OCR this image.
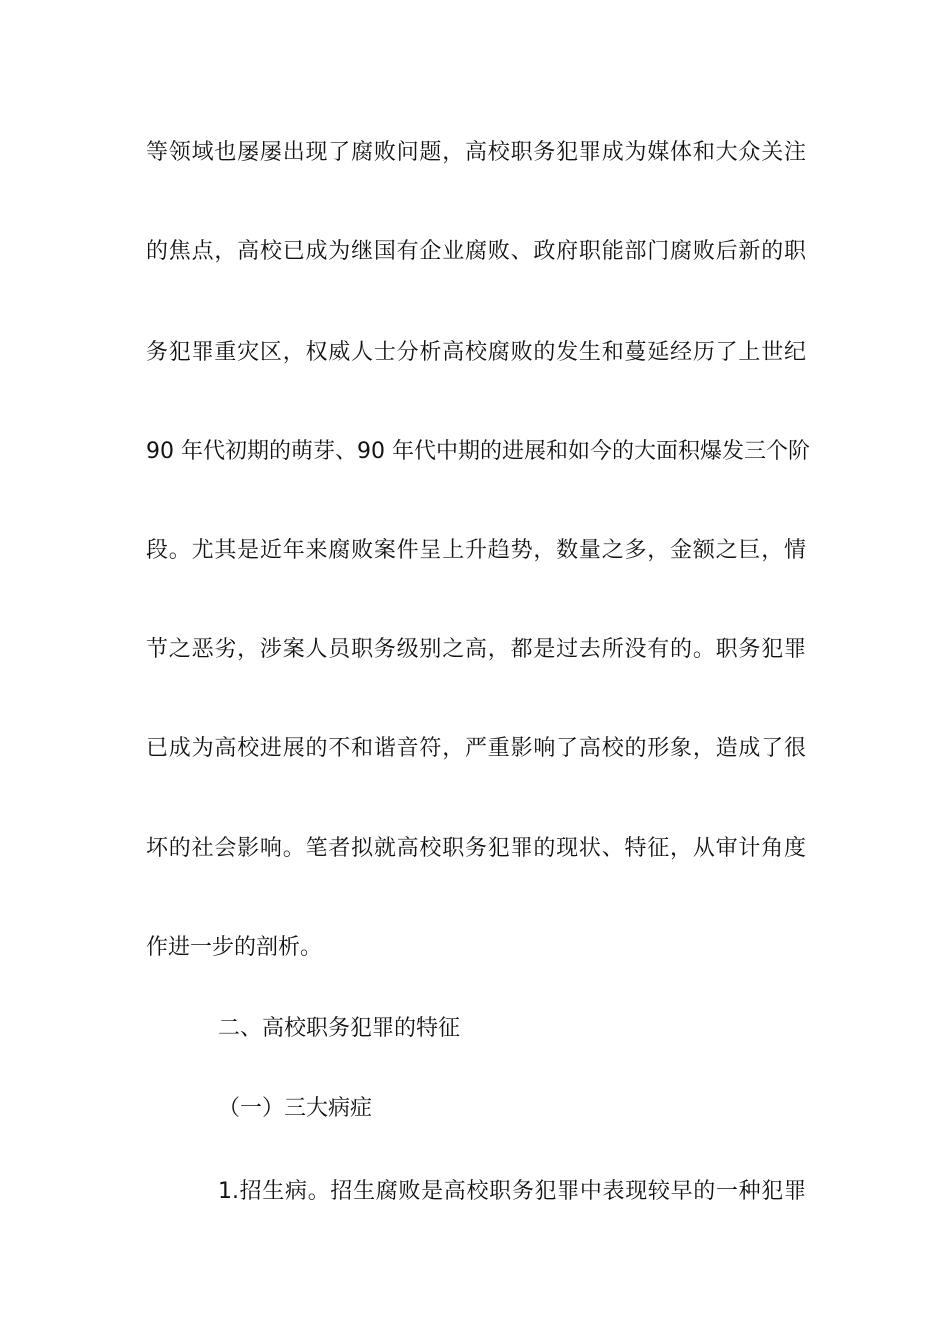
等领域也屡屡出现了腐败问题，高校职务犯罪成为媒体和大众关注
的焦点，高校已成为继国有企业腐败、政府职能部门腐败后新的职
务犯罪重灾区，权威人士分析高校腐败的发生和蔓延经历了上世纪
90 年代初期的萌芽、90 年代中期的进展和如今的大面积爆发三个阶
段。尤其是近年来腐败案件呈上升趋势，数量之多，金额之巨，情
节之恶劣，涉案人员职务级别之高，都是过去所没有的。职务犯罪
已成为高校进展的不和谐音符，严重影响了高校的形象，造成了很
坏的社会影响。笔者拟就高校职务犯罪的现状、特征，从审计角度
作进一步的剖析。
二、高校职务犯罪的特征
（一）三大病症
1.招生病。招生腐败是高校职务犯罪中表现较早的一种犯罪
